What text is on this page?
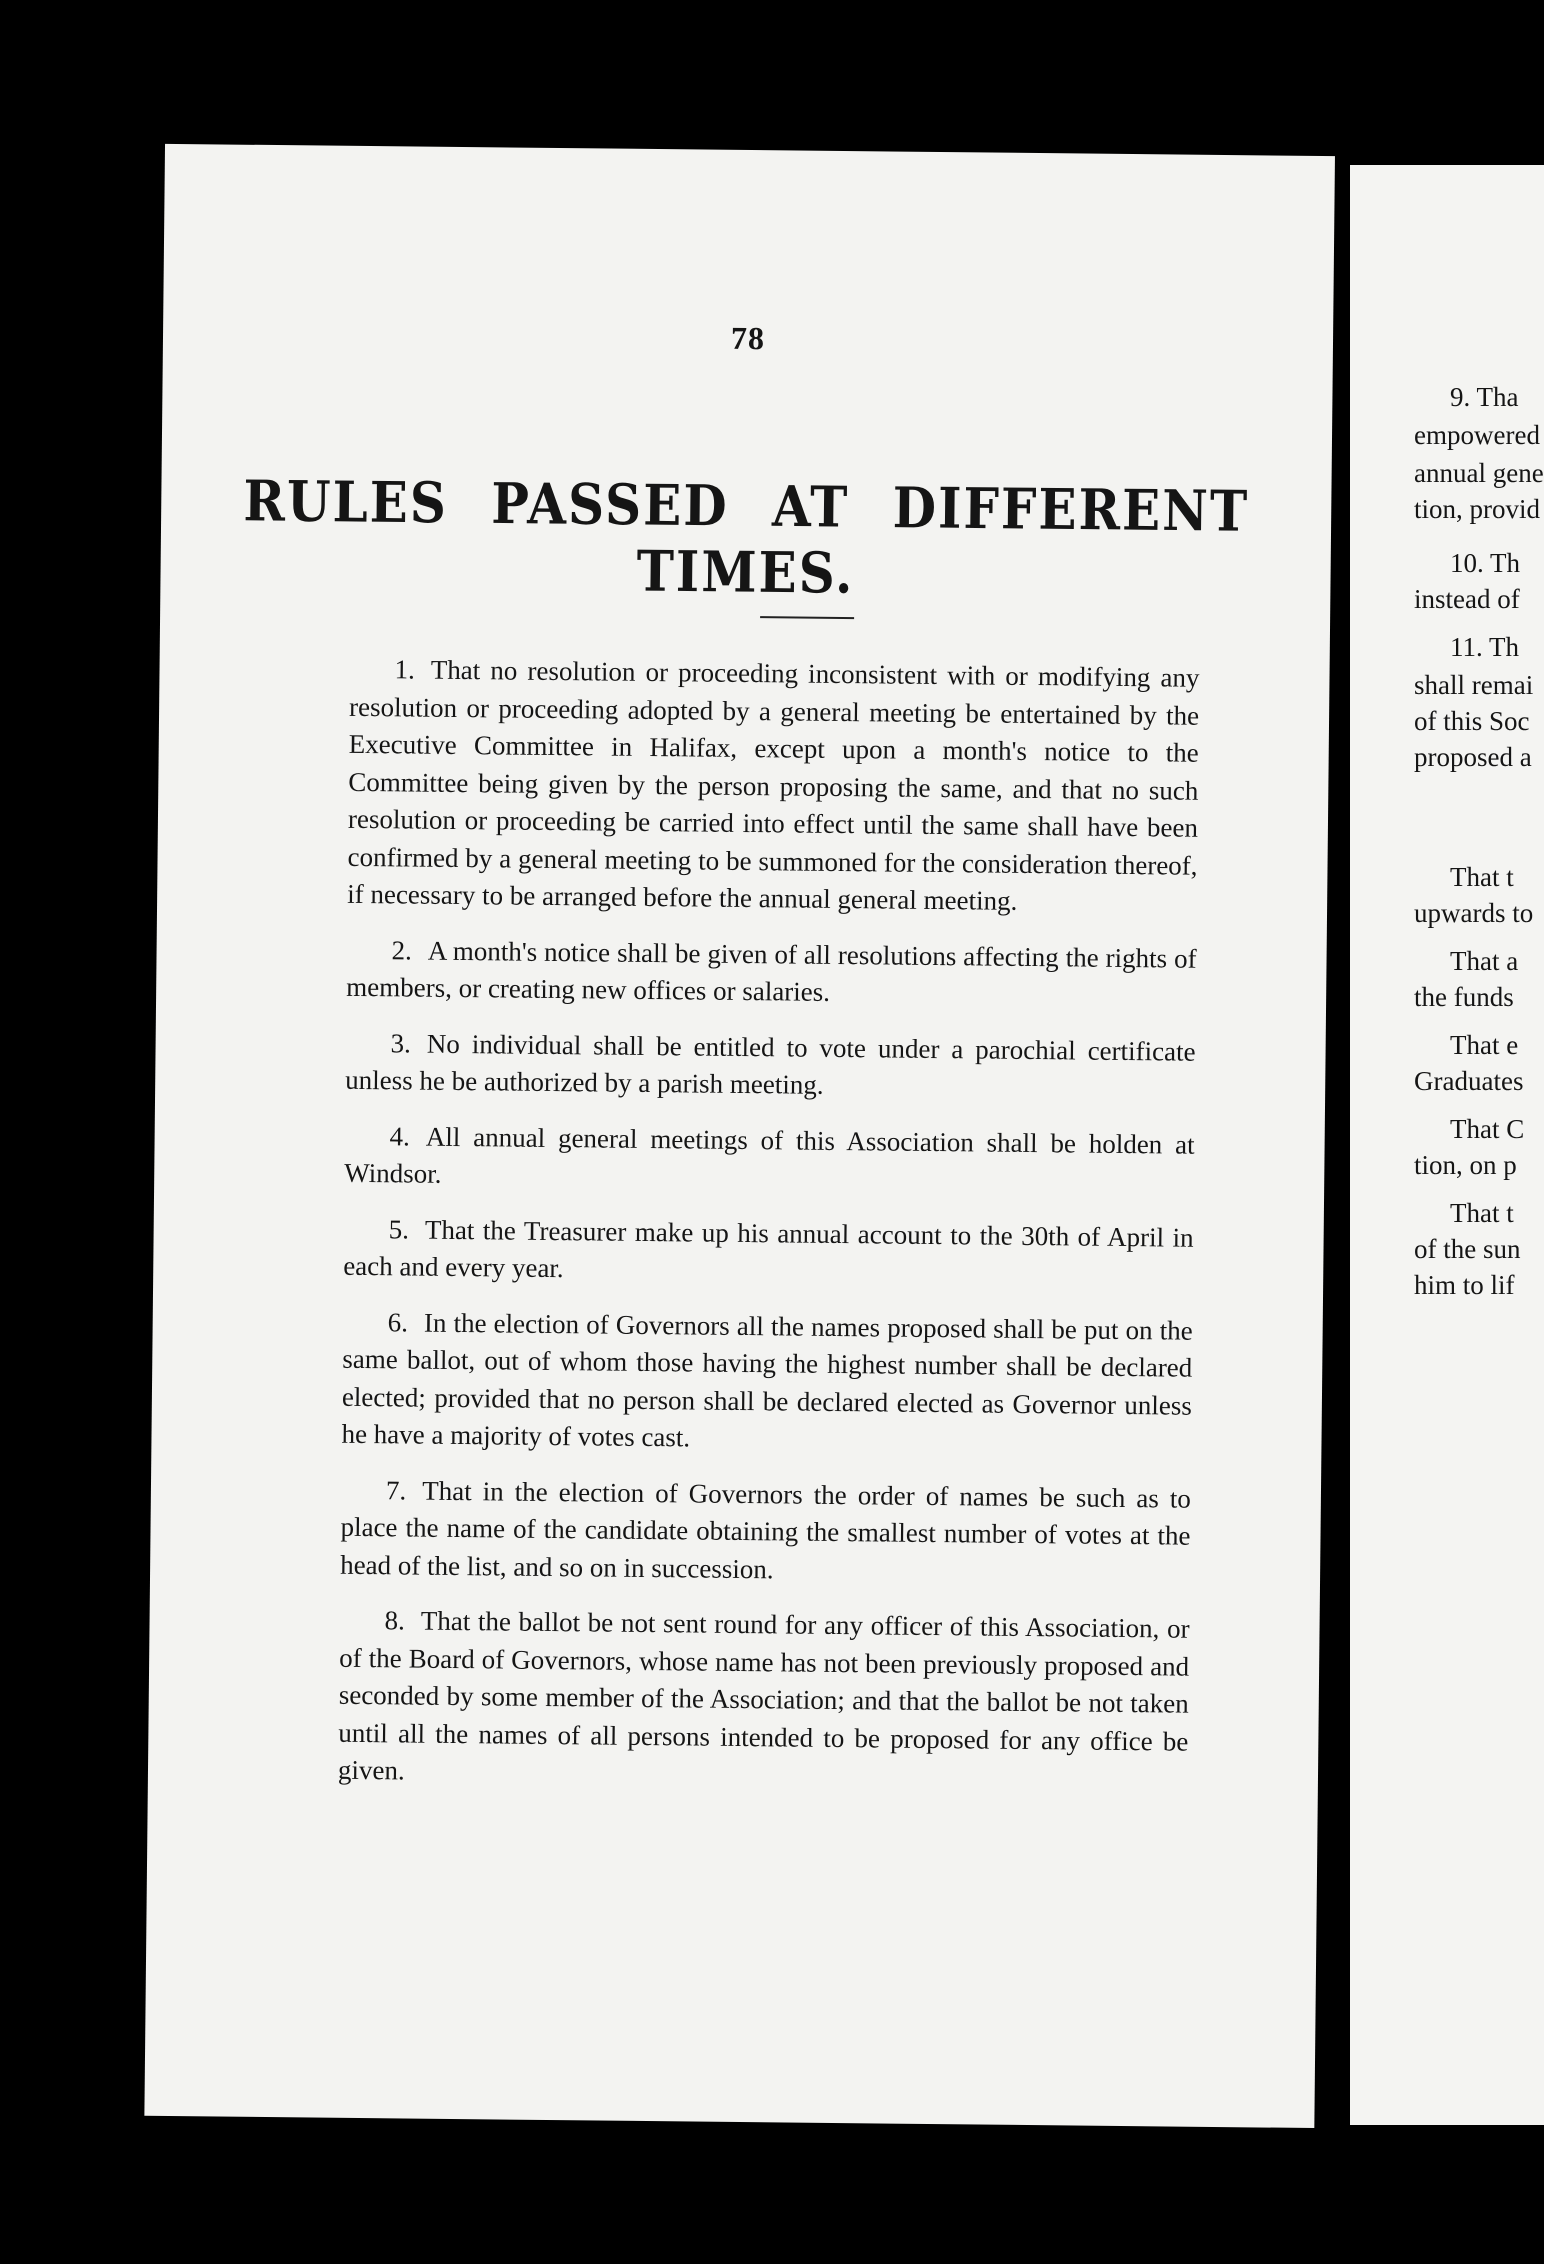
78
RULES PASSED AT DIFFERENT TIMES.

1. That no resolution or proceeding inconsistent with or modifying any resolution or proceeding adopted by a general meeting be entertained by the Executive Committee in Halifax, except upon a month's notice to the Committee being given by the person proposing the same, and that no such resolution or proceeding be carried into effect until the same shall have been confirmed by a general meeting to be summoned for the consideration thereof, if necessary to be arranged before the annual general meeting.

2. A month's notice shall be given of all resolutions affecting the rights of members, or creating new offices or salaries.

3. No individual shall be entitled to vote under a parochial certificate unless he be authorized by a parish meeting.

4. All annual general meetings of this Association shall be holden at Windsor.

5. That the Treasurer make up his annual account to the 30th of April in each and every year.

6. In the election of Governors all the names proposed shall be put on the same ballot, out of whom those having the highest number shall be declared elected; provided that no person shall be declared elected as Governor unless he have a majority of votes cast.

7. That in the election of Governors the order of names be such as to place the name of the candidate obtaining the smallest number of votes at the head of the list, and so on in succession.

8. That the ballot be not sent round for any officer of this Association, or of the Board of Governors, whose name has not been previously proposed and seconded by some member of the Association; and that the ballot be not taken until all the names of all persons intended to be proposed for any office be given.

9. Tha
empowered
annual gene
tion, provid
10. Th
instead of
11. Th
shall remai
of this Soc
proposed a
That t
upwards to
That a
the funds
That e
Graduates
That C
tion, on p
That t
of the sun
him to lif
